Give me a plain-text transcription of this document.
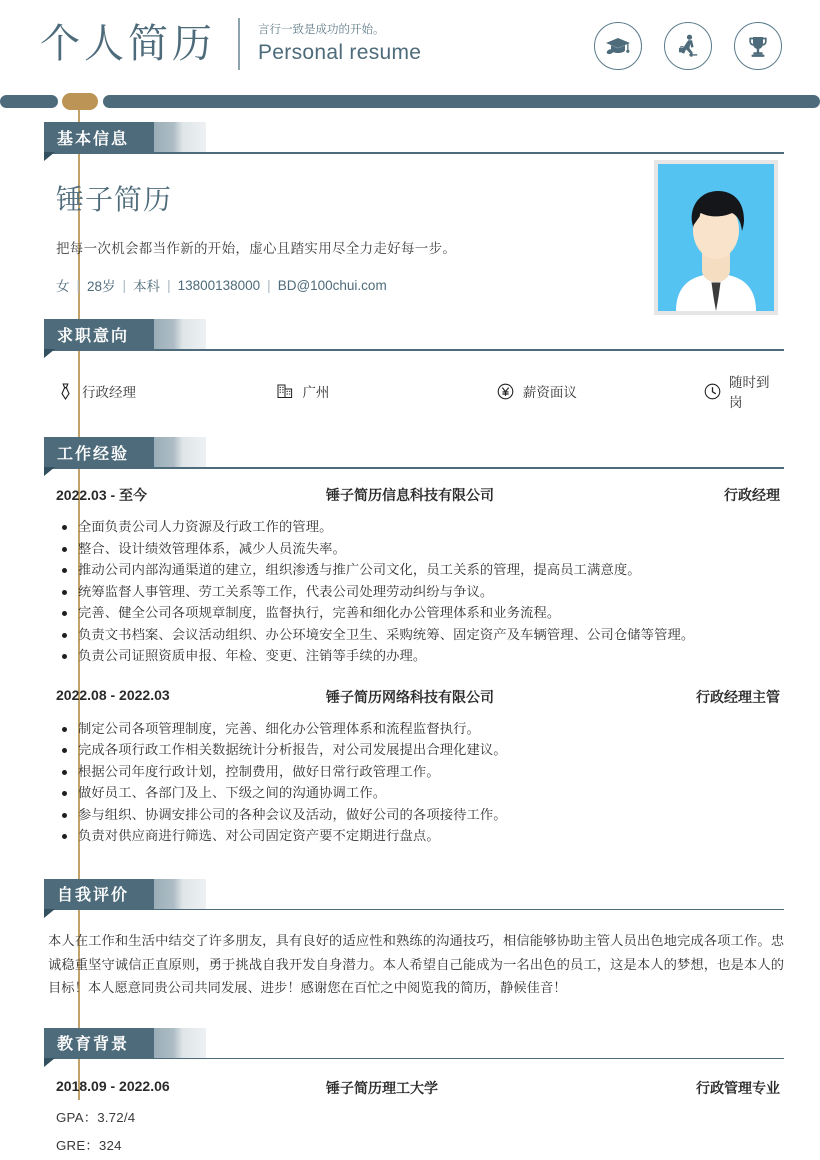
个人简历	言行一致是成功的开始。
Personal resume
基本信息
锤子简历
把每一次机会都当作新的开始，虚心且踏实用尽全力走好每一步。
女 | 28岁 | 本科 | 13800138000 | BD@100chui.com
求职意向
行政经理	广州	薪资面议
随时到岗
工作经验
2022.03 - 至今	锤子简历信息科技有限公司	行政经理
全面负责公司人力资源及行政工作的管理。
整合、设计绩效管理体系，减少人员流失率。
推动公司内部沟通渠道的建立，组织渗透与推广公司文化，员工关系的管理，提高员工满意度。
统筹监督人事管理、劳工关系等工作，代表公司处理劳动纠纷与争议。
完善、健全公司各项规章制度，监督执行，完善和细化办公管理体系和业务流程。
负责文书档案、会议活动组织、办公环境安全卫生、采购统筹、固定资产及车辆管理、公司仓储等管理。
负责公司证照资质申报、年检、变更、注销等手续的办理。
2022.08 - 2022.03	锤子简历网络科技有限公司	行政经理主管
制定公司各项管理制度，完善、细化办公管理体系和流程监督执行。
完成各项行政工作相关数据统计分析报告，对公司发展提出合理化建议。
根据公司年度行政计划，控制费用，做好日常行政管理工作。
做好员工、各部门及上、下级之间的沟通协调工作。
参与组织、协调安排公司的各种会议及活动，做好公司的各项接待工作。
负责对供应商进行筛选、对公司固定资产要不定期进行盘点。
自我评价
本人在工作和生活中结交了许多朋友，具有良好的适应性和熟练的沟通技巧，相信能够协助主管人员出色地完成各项工作。忠诚稳重坚守诚信正直原则，勇于挑战自我开发自身潜力。本人希望自己能成为一名出色的员工，这是本人的梦想，也是本人的目标！本人愿意同贵公司共同发展、进步！感谢您在百忙之中阅览我的简历，静候佳音！
教育背景
2018.09 - 2022.06	锤子简历理工大学	行政管理专业
GPA：3.72/4
GRE：324
